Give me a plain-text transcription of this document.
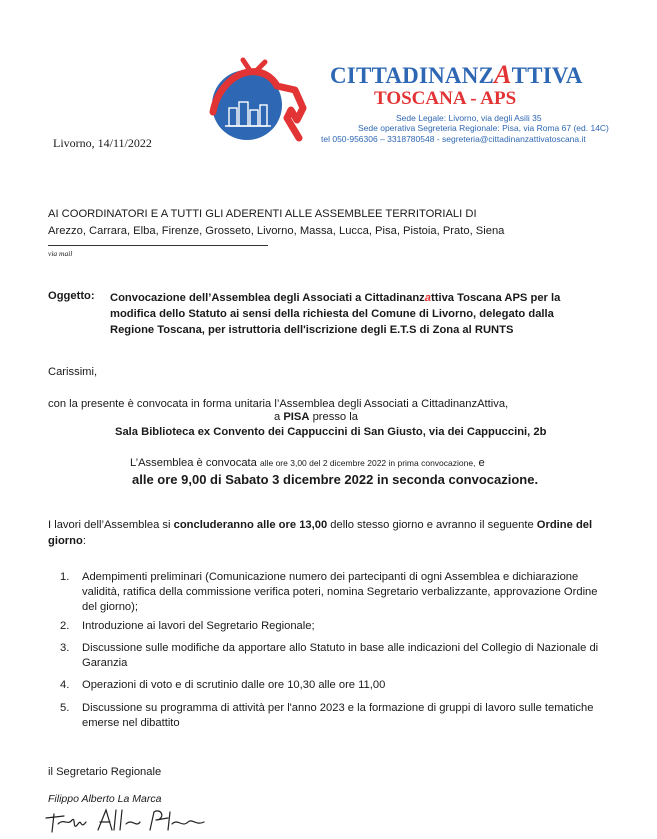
CITTADINANZATTIVA
TOSCANA - APS
Sede Legale: Livorno, via degli Asili 35
Sede operativa Segreteria Regionale: Pisa, via Roma 67 (ed. 14C)
tel 050-956306 – 3318780548 - segreteria@cittadinanzattivatoscana.it
Livorno, 14/11/2022
AI COORDINATORI E A TUTTI GLI ADERENTI ALLE ASSEMBLEE TERRITORIALI DI
Arezzo, Carrara, Elba, Firenze, Grosseto, Livorno, Massa, Lucca, Pisa, Pistoia, Prato, Siena
via mail
Oggetto: Convocazione dell’Assemblea degli Associati a Cittadinanzattiva Toscana APS per la modifica dello Statuto ai sensi della richiesta del Comune di Livorno, delegato dalla Regione Toscana, per istruttoria dell'iscrizione degli E.T.S di Zona al RUNTS
Carissimi,
con la presente è convocata in forma unitaria l’Assemblea degli Associati a CittadinanzAttiva,
a PISA presso la
Sala Biblioteca ex Convento dei Cappuccini di San Giusto, via dei Cappuccini, 2b
L’Assemblea è convocata alle ore 3,00 del 2 dicembre 2022 in prima convocazione, e
alle ore 9,00 di Sabato 3 dicembre 2022 in seconda convocazione.
I lavori dell’Assemblea si concluderanno alle ore 13,00 dello stesso giorno e avranno il seguente Ordine del giorno:
1. Adempimenti preliminari (Comunicazione numero dei partecipanti di ogni Assemblea e dichiarazione validità, ratifica della commissione verifica poteri, nomina Segretario verbalizzante, approvazione Ordine del giorno);
2. Introduzione ai lavori del Segretario Regionale;
3. Discussione sulle modifiche da apportare allo Statuto in base alle indicazioni del Collegio di Nazionale di Garanzia
4. Operazioni di voto e di scrutinio dalle ore 10,30 alle ore 11,00
5. Discussione su programma di attività per l'anno 2023 e la formazione di gruppi di lavoro sulle tematiche emerse nel dibattito
il Segretario Regionale
Filippo Alberto La Marca
